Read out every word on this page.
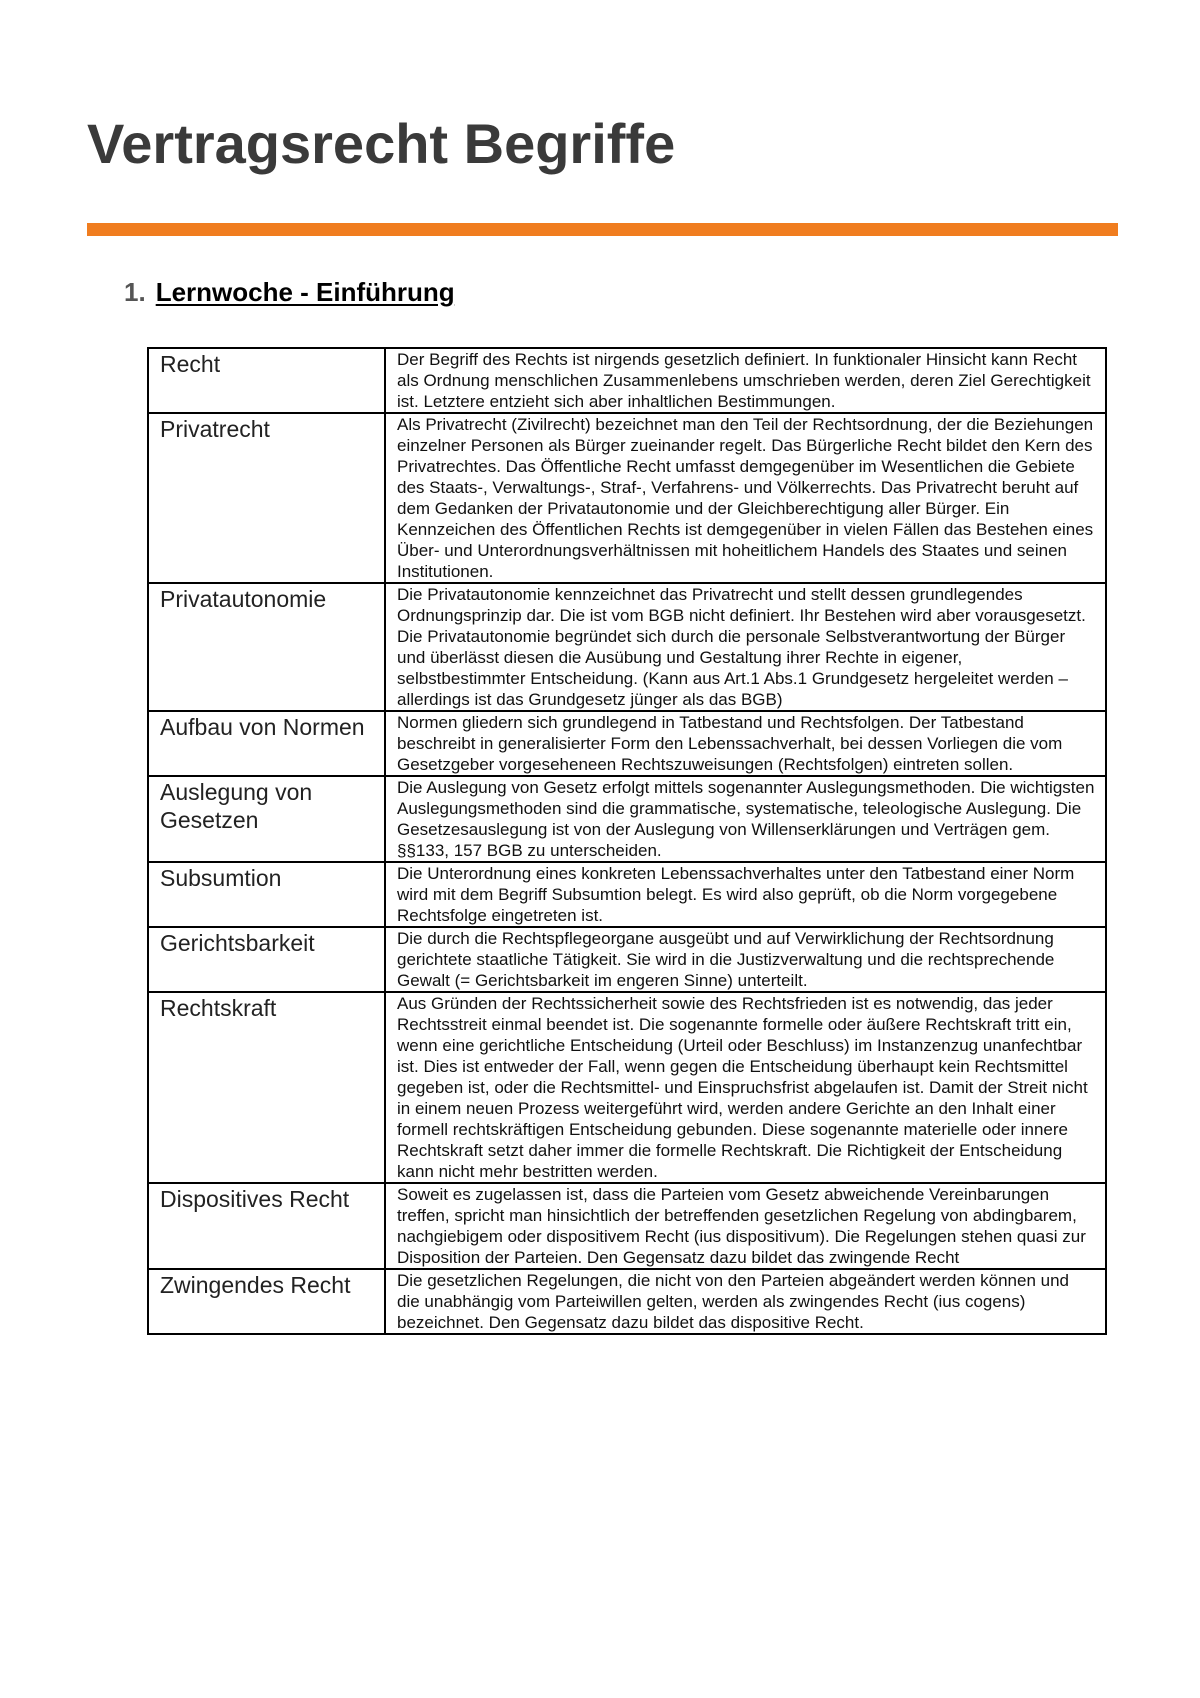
Vertragsrecht Begriffe
1. Lernwoche - Einführung
Recht	Der Begriff des Rechts ist nirgends gesetzlich definiert. In funktionaler Hinsicht kann Recht als Ordnung menschlichen Zusammenlebens umschrieben werden, deren Ziel Gerechtigkeit ist. Letztere entzieht sich aber inhaltlichen Bestimmungen.
Privatrecht	Als Privatrecht (Zivilrecht) bezeichnet man den Teil der Rechtsordnung, der die Beziehungen einzelner Personen als Bürger zueinander regelt. Das Bürgerliche Recht bildet den Kern des Privatrechtes. Das Öffentliche Recht umfasst demgegenüber im Wesentlichen die Gebiete des Staats-, Verwaltungs-, Straf-, Verfahrens- und Völkerrechts. Das Privatrecht beruht auf dem Gedanken der Privatautonomie und der Gleichberechtigung aller Bürger. Ein Kennzeichen des Öffentlichen Rechts ist demgegenüber in vielen Fällen das Bestehen eines Über- und Unterordnungsverhältnissen mit hoheitlichem Handels des Staates und seinen Institutionen.
Privatautonomie	Die Privatautonomie kennzeichnet das Privatrecht und stellt dessen grundlegendes Ordnungsprinzip dar. Die ist vom BGB nicht definiert. Ihr Bestehen wird aber vorausgesetzt. Die Privatautonomie begründet sich durch die personale Selbstverantwortung der Bürger und überlässt diesen die Ausübung und Gestaltung ihrer Rechte in eigener, selbstbestimmter Entscheidung. (Kann aus Art.1 Abs.1 Grundgesetz hergeleitet werden – allerdings ist das Grundgesetz jünger als das BGB)
Aufbau von Normen	Normen gliedern sich grundlegend in Tatbestand und Rechtsfolgen. Der Tatbestand beschreibt in generalisierter Form den Lebenssachverhalt, bei dessen Vorliegen die vom Gesetzgeber vorgeseheneen Rechtszuweisungen (Rechtsfolgen) eintreten sollen.
Auslegung von Gesetzen	Die Auslegung von Gesetz erfolgt mittels sogenannter Auslegungsmethoden. Die wichtigsten Auslegungsmethoden sind die grammatische, systematische, teleologische Auslegung. Die Gesetzesauslegung ist von der Auslegung von Willenserklärungen und Verträgen gem. §§133, 157 BGB zu unterscheiden.
Subsumtion	Die Unterordnung eines konkreten Lebenssachverhaltes unter den Tatbestand einer Norm wird mit dem Begriff Subsumtion belegt. Es wird also geprüft, ob die Norm vorgegebene Rechtsfolge eingetreten ist.
Gerichtsbarkeit	Die durch die Rechtspflegeorgane ausgeübt und auf Verwirklichung der Rechtsordnung gerichtete staatliche Tätigkeit. Sie wird in die Justizverwaltung und die rechtsprechende Gewalt (= Gerichtsbarkeit im engeren Sinne) unterteilt.
Rechtskraft	Aus Gründen der Rechtssicherheit sowie des Rechtsfrieden ist es notwendig, das jeder Rechtsstreit einmal beendet ist. Die sogenannte formelle oder äußere Rechtskraft tritt ein, wenn eine gerichtliche Entscheidung (Urteil oder Beschluss) im Instanzenzug unanfechtbar ist. Dies ist entweder der Fall, wenn gegen die Entscheidung überhaupt kein Rechtsmittel gegeben ist, oder die Rechtsmittel- und Einspruchsfrist abgelaufen ist. Damit der Streit nicht in einem neuen Prozess weitergeführt wird, werden andere Gerichte an den Inhalt einer formell rechtskräftigen Entscheidung gebunden. Diese sogenannte materielle oder innere Rechtskraft setzt daher immer die formelle Rechtskraft. Die Richtigkeit der Entscheidung kann nicht mehr bestritten werden.
Dispositives Recht	Soweit es zugelassen ist, dass die Parteien vom Gesetz abweichende Vereinbarungen treffen, spricht man hinsichtlich der betreffenden gesetzlichen Regelung von abdingbarem, nachgiebigem oder dispositivem Recht (ius dispositivum). Die Regelungen stehen quasi zur Disposition der Parteien. Den Gegensatz dazu bildet das zwingende Recht
Zwingendes Recht	Die gesetzlichen Regelungen, die nicht von den Parteien abgeändert werden können und die unabhängig vom Parteiwillen gelten, werden als zwingendes Recht (ius cogens) bezeichnet. Den Gegensatz dazu bildet das dispositive Recht.
